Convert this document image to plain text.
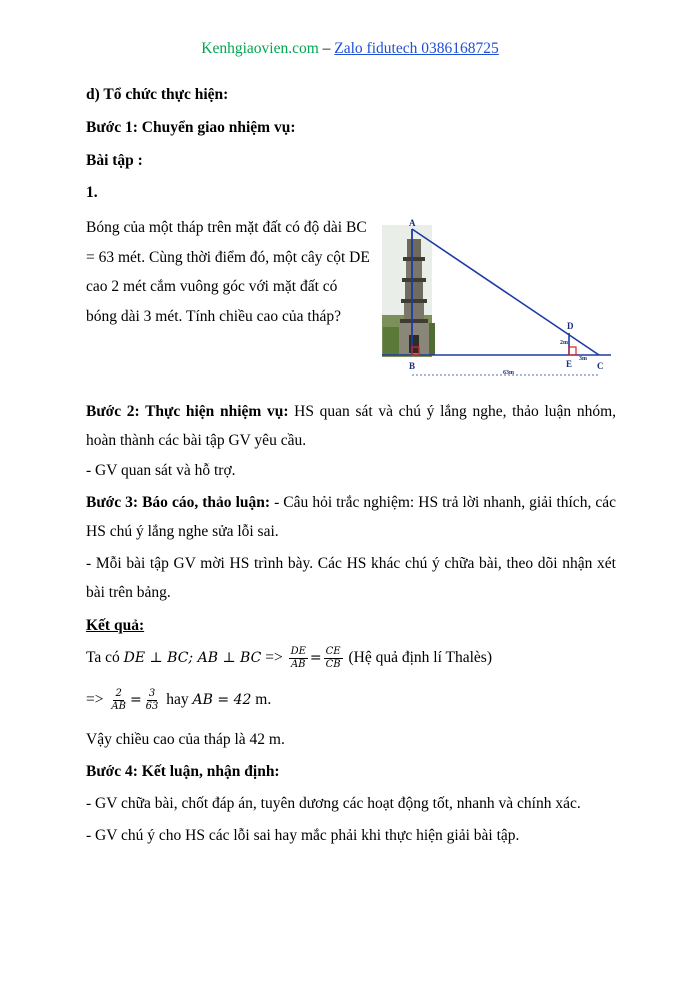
Kenhgiaovien.com – Zalo fidutech 0386168725
d) Tổ chức thực hiện:
Bước 1: Chuyển giao nhiệm vụ:
Bài tập :
1.
Bóng của một tháp trên mặt đất có độ dài BC = 63 mét. Cùng thời điểm đó, một cây cột DE cao 2 mét cắm vuông góc với mặt đất có bóng dài 3 mét. Tính chiều cao của tháp?
A
B	C
D
E
2m
3m
63m

Bước 2: Thực hiện nhiệm vụ: HS quan sát và chú ý lắng nghe, thảo luận nhóm, hoàn thành các bài tập GV yêu cầu.

- GV quan sát và hỗ trợ.

Bước 3: Báo cáo, thảo luận: - Câu hỏi trắc nghiệm: HS trả lời nhanh, giải thích, các HS chú ý lắng nghe sửa lỗi sai.

- Mỗi bài tập GV mời HS trình bày. Các HS khác chú ý chữa bài, theo dõi nhận xét bài trên bảng.
Kết quả:
Ta có DE ⊥ BC; AB ⊥ BC => $\frac{DE}{AB} = \frac{CE}{CB}$ (Hệ quả định lí Thalès)
=> $\frac{2}{AB} = \frac{3}{63}$ hay AB = 42 m.
Vậy chiều cao của tháp là 42 m.
Bước 4: Kết luận, nhận định:
- GV chữa bài, chốt đáp án, tuyên dương các hoạt động tốt, nhanh và chính xác.
- GV chú ý cho HS các lỗi sai hay mắc phải khi thực hiện giải bài tập.
